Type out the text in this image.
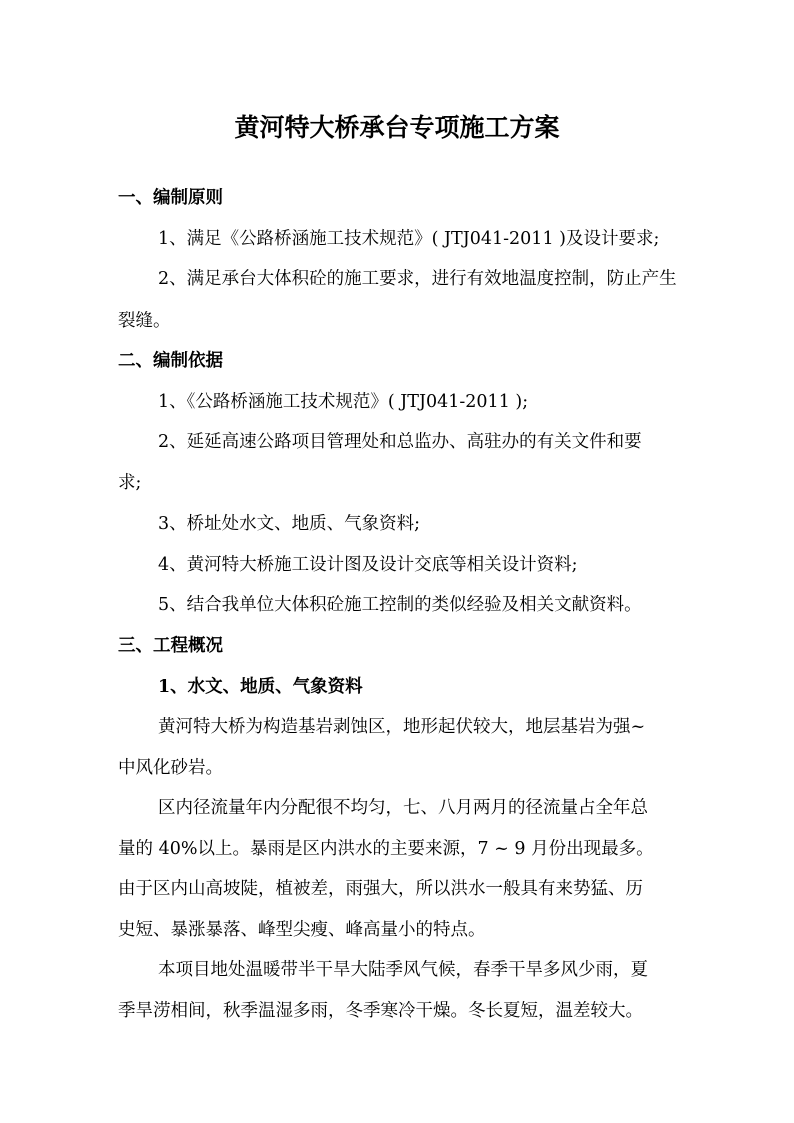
黄河特大桥承台专项施工方案
一、编制原则
1、满足《公路桥涵施工技术规范》( JTJ041-2011 )及设计要求;
2、满足承台大体积砼的施工要求，进行有效地温度控制，防止产生
裂缝。
二、编制依据
1、《公路桥涵施工技术规范》( JTJ041-2011 );
2、延延高速公路项目管理处和总监办、高驻办的有关文件和要
求;
3、桥址处水文、地质、气象资料;
4、黄河特大桥施工设计图及设计交底等相关设计资料;
5、结合我单位大体积砼施工控制的类似经验及相关文献资料。
三、工程概况
1、水文、地质、气象资料
黄河特大桥为构造基岩剥蚀区，地形起伏较大，地层基岩为强~
中风化砂岩。
区内径流量年内分配很不均匀，七、八月两月的径流量占全年总
量的 40%以上。暴雨是区内洪水的主要来源，7 ~ 9 月份出现最多。
由于区内山高坡陡，植被差，雨强大，所以洪水一般具有来势猛、历
史短、暴涨暴落、峰型尖瘦、峰高量小的特点。
本项目地处温暖带半干旱大陆季风气候，春季干旱多风少雨，夏
季旱涝相间，秋季温湿多雨，冬季寒冷干燥。冬长夏短，温差较大。
